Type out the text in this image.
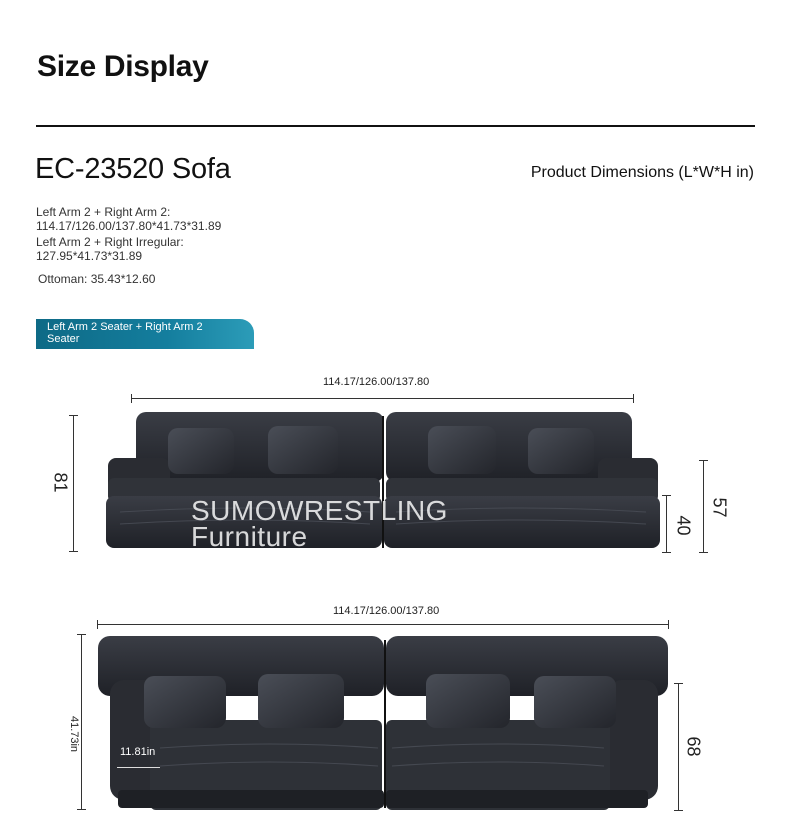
Size Display
EC-23520 Sofa	Product Dimensions (L*W*H in)
Left Arm 2 + Right Arm 2:
114.17/126.00/137.80*41.73*31.89
Left Arm 2 + Right Irregular:
127.95*41.73*31.89
Ottoman: 35.43*12.60
Left Arm 2 Seater + Right Arm 2
Seater
114.17/126.00/137.80
81
40
57
SUMOWRESTLING
Furniture
114.17/126.00/137.80
41.73in	11.81in	68
